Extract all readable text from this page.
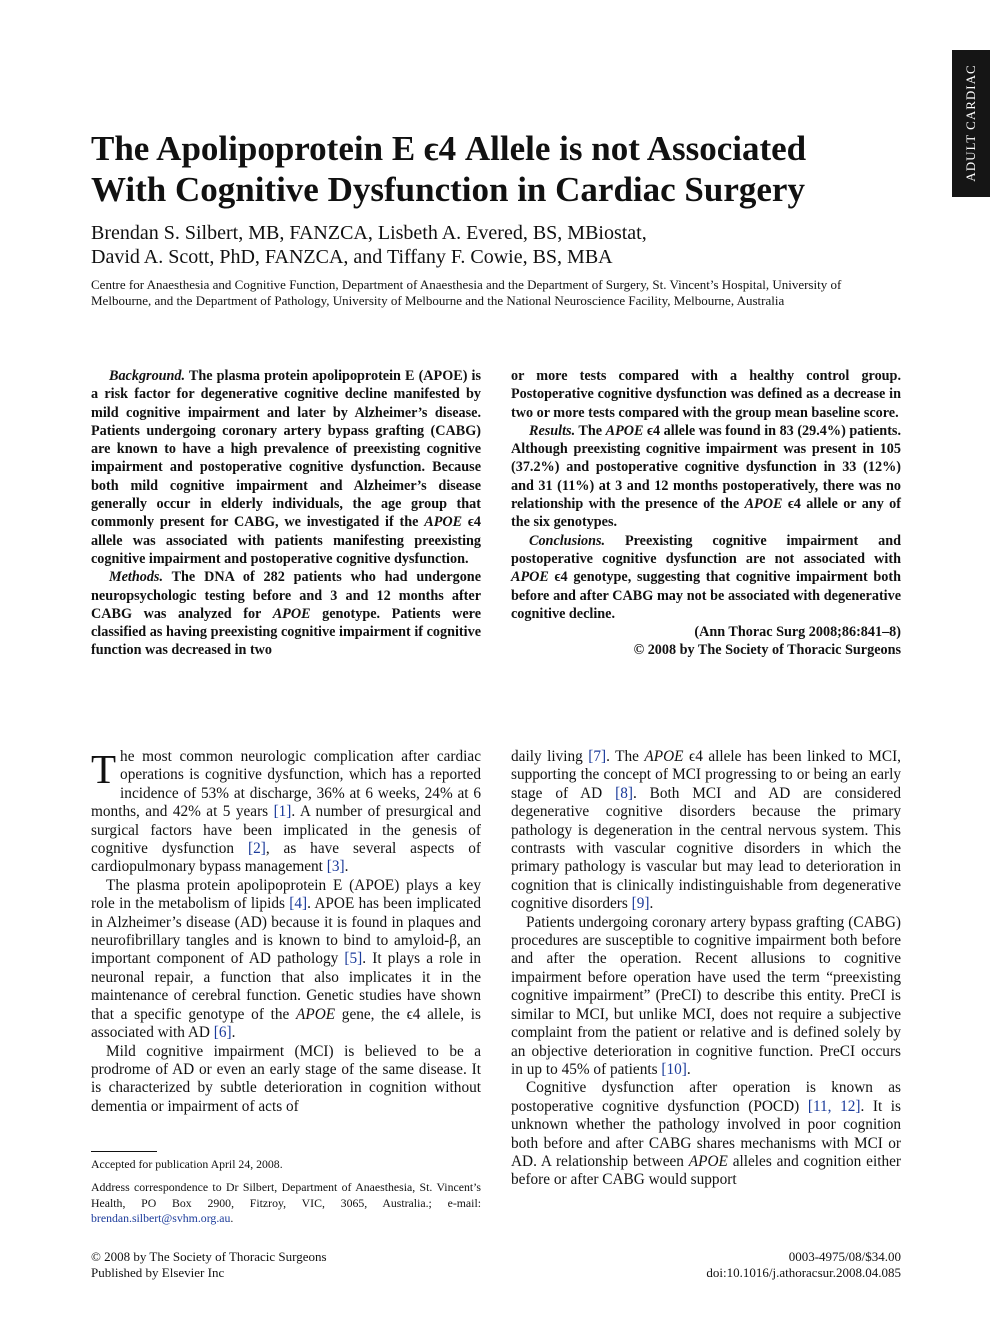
ADULT CARDIAC
The Apolipoprotein E ϵ4 Allele is not Associated
With Cognitive Dysfunction in Cardiac Surgery
Brendan S. Silbert, MB, FANZCA, Lisbeth A. Evered, BS, MBiostat,
David A. Scott, PhD, FANZCA, and Tiffany F. Cowie, BS, MBA
Centre for Anaesthesia and Cognitive Function, Department of Anaesthesia and the Department of Surgery, St. Vincent’s Hospital, University of Melbourne, and the Department of Pathology, University of Melbourne and the National Neuroscience Facility, Melbourne, Australia

Background. The plasma protein apolipoprotein E (APOE) is a risk factor for degenerative cognitive decline manifested by mild cognitive impairment and later by Alzheimer’s disease. Patients undergoing coronary artery bypass grafting (CABG) are known to have a high prevalence of preexisting cognitive impairment and postoperative cognitive dysfunction. Because both mild cognitive impairment and Alzheimer’s disease generally occur in elderly individuals, the age group that commonly present for CABG, we investigated if the APOE ϵ4 allele was associated with patients manifesting preexisting cognitive impairment and postoperative cognitive dysfunction.

Methods. The DNA of 282 patients who had undergone neuropsychologic testing before and 3 and 12 months after CABG was analyzed for APOE genotype. Patients were classified as having preexisting cognitive impairment if cognitive function was decreased in two

or more tests compared with a healthy control group. Postoperative cognitive dysfunction was defined as a decrease in two or more tests compared with the group mean baseline score.

Results. The APOE ϵ4 allele was found in 83 (29.4%) patients. Although preexisting cognitive impairment was present in 105 (37.2%) and postoperative cognitive dysfunction in 33 (12%) and 31 (11%) at 3 and 12 months postoperatively, there was no relationship with the presence of the APOE ϵ4 allele or any of the six genotypes.

Conclusions. Preexisting cognitive impairment and postoperative cognitive dysfunction are not associated with APOE ϵ4 genotype, suggesting that cognitive impairment both before and after CABG may not be associated with degenerative cognitive decline.

(Ann Thorac Surg 2008;86:841–8)
© 2008 by The Society of Thoracic Surgeons

The most common neurologic complication after cardiac operations is cognitive dysfunction, which has a reported incidence of 53% at discharge, 36% at 6 weeks, 24% at 6 months, and 42% at 5 years [1]. A number of presurgical and surgical factors have been implicated in the genesis of cognitive dysfunction [2], as have several aspects of cardiopulmonary bypass management [3].

The plasma protein apolipoprotein E (APOE) plays a key role in the metabolism of lipids [4]. APOE has been implicated in Alzheimer’s disease (AD) because it is found in plaques and neurofibrillary tangles and is known to bind to amyloid-β, an important component of AD pathology [5]. It plays a role in neuronal repair, a function that also implicates it in the maintenance of cerebral function. Genetic studies have shown that a specific genotype of the APOE gene, the ϵ4 allele, is associated with AD [6].

Mild cognitive impairment (MCI) is believed to be a prodrome of AD or even an early stage of the same disease. It is characterized by subtle deterioration in cognition without dementia or impairment of acts of

daily living [7]. The APOE ϵ4 allele has been linked to MCI, supporting the concept of MCI progressing to or being an early stage of AD [8]. Both MCI and AD are considered degenerative cognitive disorders because the primary pathology is degeneration in the central nervous system. This contrasts with vascular cognitive disorders in which the primary pathology is vascular but may lead to deterioration in cognition that is clinically indistinguishable from degenerative cognitive disorders [9].

Patients undergoing coronary artery bypass grafting (CABG) procedures are susceptible to cognitive impairment both before and after the operation. Recent allusions to cognitive impairment before operation have used the term “preexisting cognitive impairment” (PreCI) to describe this entity. PreCI is similar to MCI, but unlike MCI, does not require a subjective complaint from the patient or relative and is defined solely by an objective deterioration in cognitive function. PreCI occurs in up to 45% of patients [10].

Cognitive dysfunction after operation is known as postoperative cognitive dysfunction (POCD) [11, 12]. It is unknown whether the pathology involved in poor cognition both before and after CABG shares mechanisms with MCI or AD. A relationship between APOE alleles and cognition either before or after CABG would support

Accepted for publication April 24, 2008.
Address correspondence to Dr Silbert, Department of Anaesthesia, St. Vincent’s Health, PO Box 2900, Fitzroy, VIC, 3065, Australia.; e-mail: brendan.silbert@svhm.org.au.
© 2008 by The Society of Thoracic Surgeons
Published by Elsevier Inc
0003-4975/08/$34.00
doi:10.1016/j.athoracsur.2008.04.085
